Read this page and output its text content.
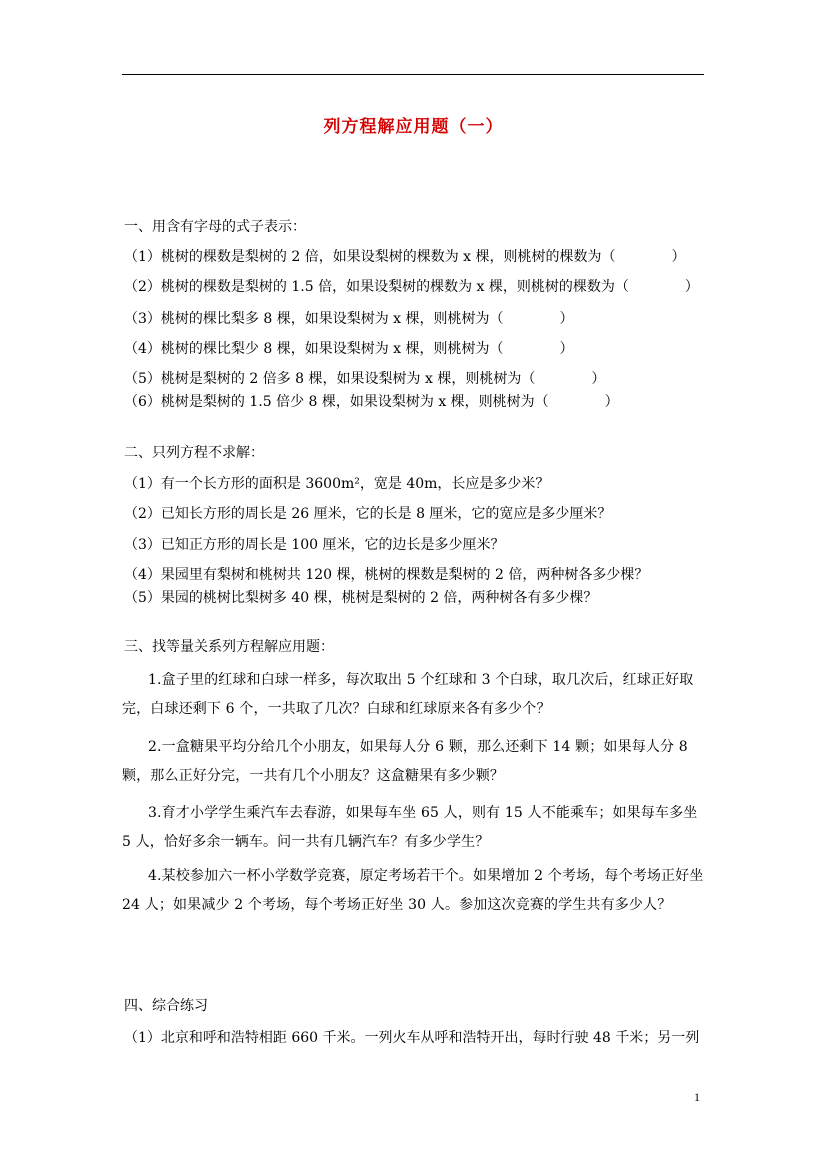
列方程解应用题（一）
一、用含有字母的式子表示：
（1）桃树的棵数是梨树的 2 倍，如果设梨树的棵数为 x 棵，则桃树的棵数为（　　　　）
（2）桃树的棵数是梨树的 1.5 倍，如果设梨树的棵数为 x 棵，则桃树的棵数为（　　　　）
（3）桃树的棵比梨多 8 棵，如果设梨树为 x 棵，则桃树为（　　　　）
（4）桃树的棵比梨少 8 棵，如果设梨树为 x 棵，则桃树为（　　　　）
（5）桃树是梨树的 2 倍多 8 棵，如果设梨树为 x 棵，则桃树为（　　　　）
（6）桃树是梨树的 1.5 倍少 8 棵，如果设梨树为 x 棵，则桃树为（　　　　）
二、只列方程不求解：
（1）有一个长方形的面积是 3600m²，宽是 40m，长应是多少米？
（2）已知长方形的周长是 26 厘米，它的长是 8 厘米，它的宽应是多少厘米？
（3）已知正方形的周长是 100 厘米，它的边长是多少厘米？
（4）果园里有梨树和桃树共 120 棵，桃树的棵数是梨树的 2 倍，两种树各多少棵？
（5）果园的桃树比梨树多 40 棵，桃树是梨树的 2 倍，两种树各有多少棵？
三、找等量关系列方程解应用题：
1.盒子里的红球和白球一样多，每次取出 5 个红球和 3 个白球，取几次后，红球正好取完，白球还剩下 6 个，一共取了几次？白球和红球原来各有多少个？
2.一盒糖果平均分给几个小朋友，如果每人分 6 颗，那么还剩下 14 颗；如果每人分 8 颗，那么正好分完，一共有几个小朋友？这盒糖果有多少颗？
3.育才小学学生乘汽车去春游，如果每车坐 65 人，则有 15 人不能乘车；如果每车多坐 5 人，恰好多余一辆车。问一共有几辆汽车？有多少学生？
4.某校参加六一杯小学数学竞赛，原定考场若干个。如果增加 2 个考场，每个考场正好坐 24 人；如果减少 2 个考场，每个考场正好坐 30 人。参加这次竞赛的学生共有多少人？
四、综合练习
（1）北京和呼和浩特相距 660 千米。一列火车从呼和浩特开出，每时行驶 48 千米；另一列
1
